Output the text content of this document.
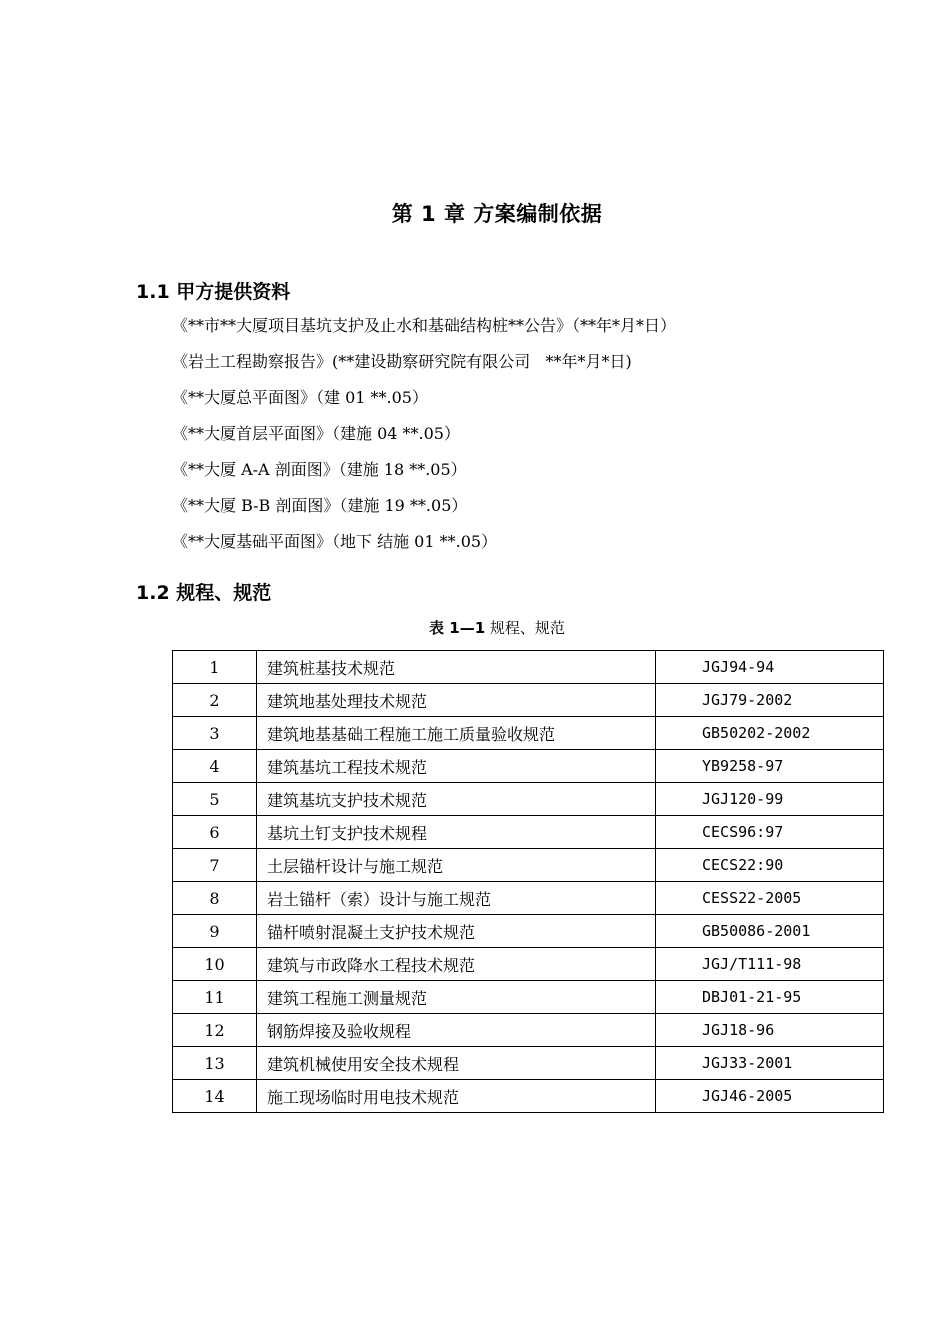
第 1 章 方案编制依据
1.1 甲方提供资料
《**市**大厦项目基坑支护及止水和基础结构桩**公告》（**年*月*日）
《岩土工程勘察报告》(**建设勘察研究院有限公司   **年*月*日)
《**大厦总平面图》（建 01 **.05）
《**大厦首层平面图》（建施 04 **.05）
《**大厦 A-A 剖面图》（建施 18 **.05）
《**大厦 B-B 剖面图》（建施 19 **.05）
《**大厦基础平面图》（地下 结施 01 **.05）
1.2 规程、规范
表 1—1 规程、规范
1	建筑桩基技术规范	JGJ94-94
2	建筑地基处理技术规范	JGJ79-2002
3	建筑地基基础工程施工施工质量验收规范	GB50202-2002
4	建筑基坑工程技术规范	YB9258-97
5	建筑基坑支护技术规范	JGJ120-99
6	基坑土钉支护技术规程	CECS96:97
7	土层锚杆设计与施工规范	CECS22:90
8	岩土锚杆（索）设计与施工规范	CESS22-2005
9	锚杆喷射混凝土支护技术规范	GB50086-2001
10	建筑与市政降水工程技术规范	JGJ/T111-98
11	建筑工程施工测量规范	DBJ01-21-95
12	钢筋焊接及验收规程	JGJ18-96
13	建筑机械使用安全技术规程	JGJ33-2001
14	施工现场临时用电技术规范	JGJ46-2005
